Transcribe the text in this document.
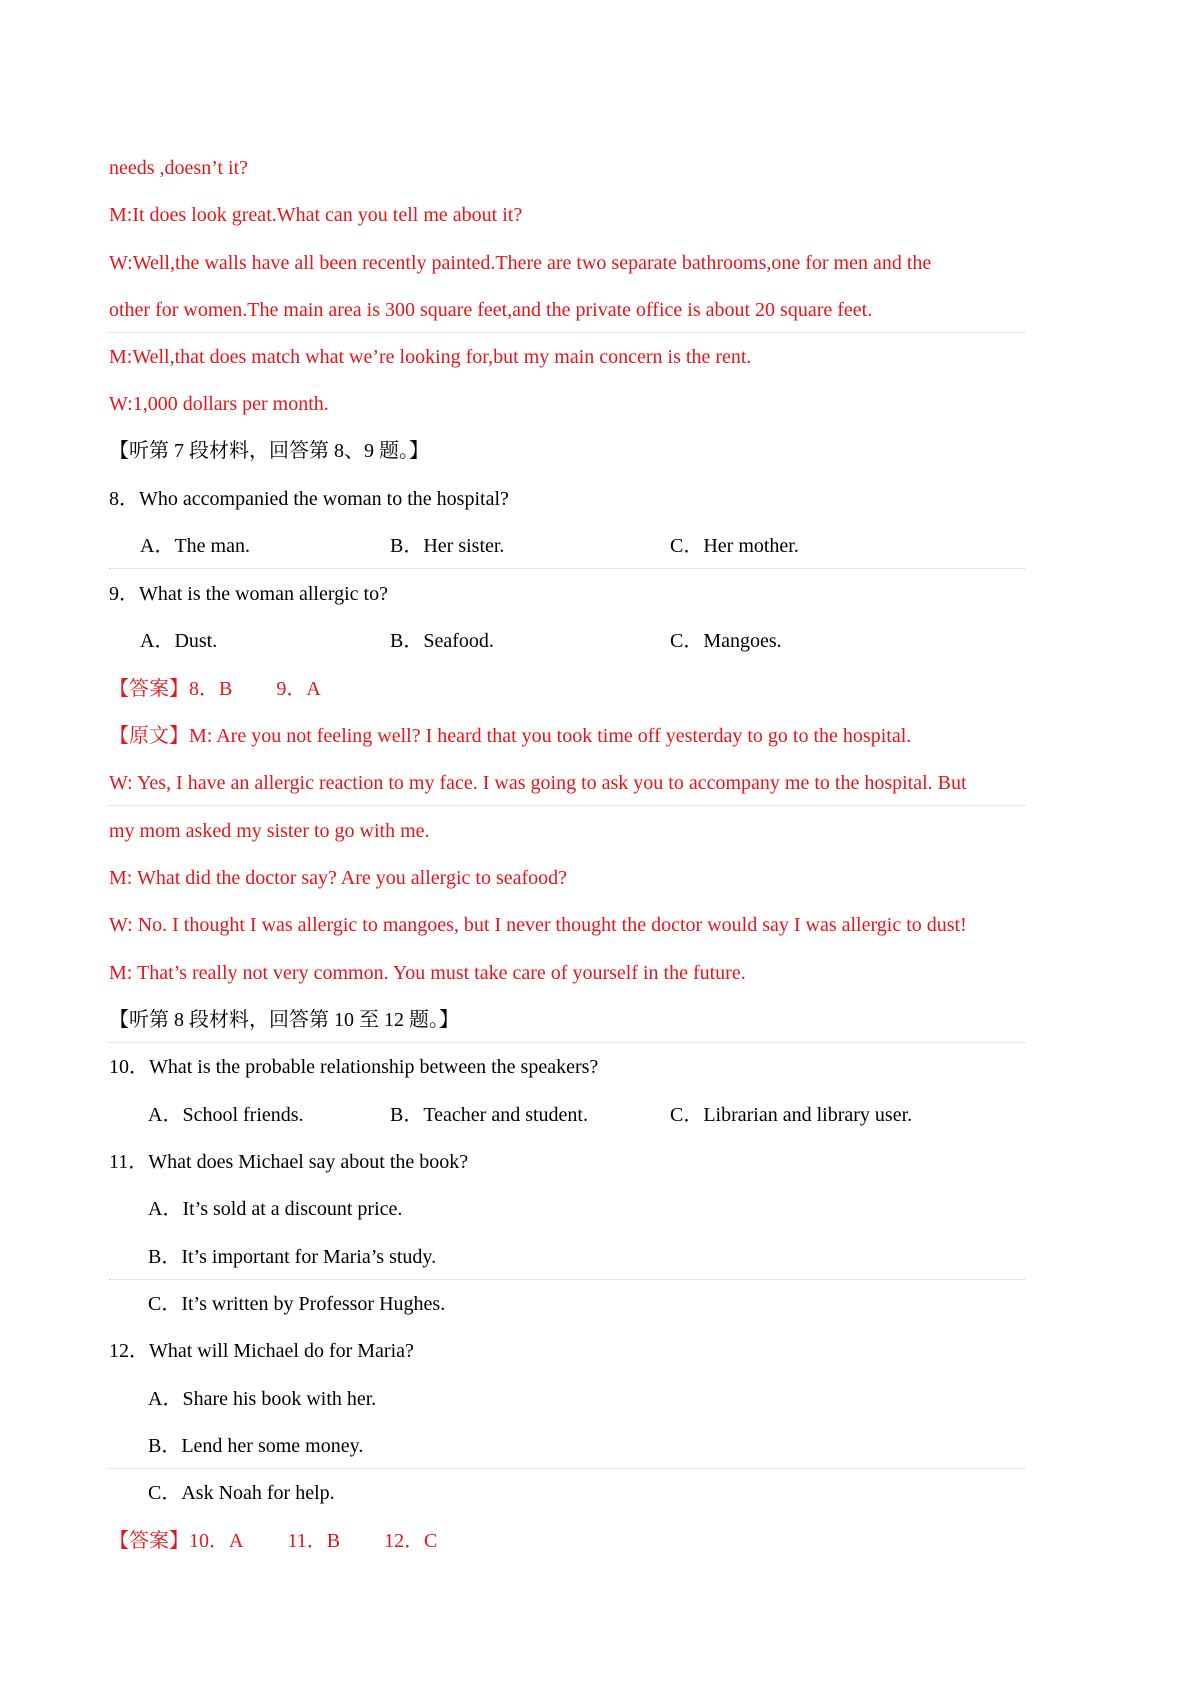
needs ,doesn’t it?
M:It does look great.What can you tell me about it?
W:Well,the walls have all been recently painted.There are two separate bathrooms,one for men and the
other for women.The main area is 300 square feet,and the private office is about 20 square feet.
M:Well,that does match what we’re looking for,but my main concern is the rent.
W:1,000 dollars per month.
【听第 7 段材料，回答第 8、9 题。】
8．Who accompanied the woman to the hospital?
A．The man.	B．Her sister.	C．Her mother.
9．What is the woman allergic to?
A．Dust.	B．Seafood.	C．Mangoes.
【答案】8．B 9．A
【原文】M: Are you not feeling well? I heard that you took time off yesterday to go to the hospital.
W: Yes, I have an allergic reaction to my face. I was going to ask you to accompany me to the hospital. But
my mom asked my sister to go with me.
M: What did the doctor say? Are you allergic to seafood?
W: No. I thought I was allergic to mangoes, but I never thought the doctor would say I was allergic to dust!
M: That’s really not very common. You must take care of yourself in the future.
【听第 8 段材料，回答第 10 至 12 题。】
10．What is the probable relationship between the speakers?
A．School friends.	B．Teacher and student.	C．Librarian and library user.
11．What does Michael say about the book?
A．It’s sold at a discount price.
B．It’s important for Maria’s study.
C．It’s written by Professor Hughes.
12．What will Michael do for Maria?
A．Share his book with her.
B．Lend her some money.
C．Ask Noah for help.
【答案】10．A 11．B 12．C
